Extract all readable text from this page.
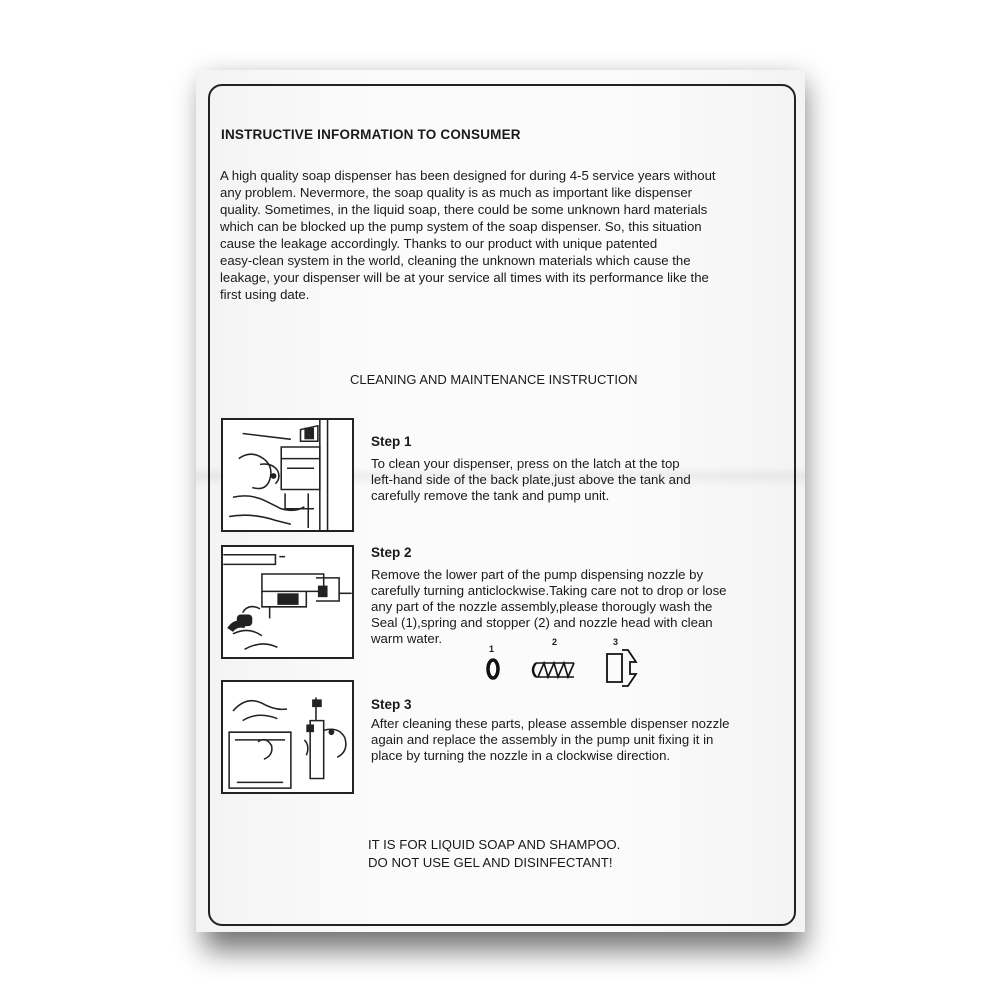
INSTRUCTIVE INFORMATION TO CONSUMER
A high quality soap dispenser has been designed for during 4-5 service years without
any problem. Nevermore, the soap quality is as much as important like dispenser
quality. Sometimes, in the liquid soap, there could be some unknown hard materials
which can be blocked up the pump system of the soap dispenser. So, this situation
cause the leakage accordingly. Thanks to our product with unique patented
easy-clean system in the world, cleaning the unknown materials which cause the
leakage, your dispenser will be at your service all times with its performance like the
first using date.
CLEANING AND MAINTENANCE INSTRUCTION
Step 1
To clean your dispenser, press on the latch at the top
left-hand side of the back plate,just above the tank and
carefully remove the tank and pump unit.
Step 2
Remove the lower part of the pump dispensing nozzle by
carefully turning anticlockwise.Taking care not to drop or lose
any part of the nozzle assembly,please thorougly wash the
Seal (1),spring and stopper (2) and nozzle head with clean
warm water.
1
2	3
Step 3
After cleaning these parts, please assemble dispenser nozzle
again and replace the assembly in the pump unit fixing it in
place by turning the nozzle in a clockwise direction.
IT IS FOR LIQUID SOAP AND SHAMPOO.
DO NOT USE GEL AND DISINFECTANT!
